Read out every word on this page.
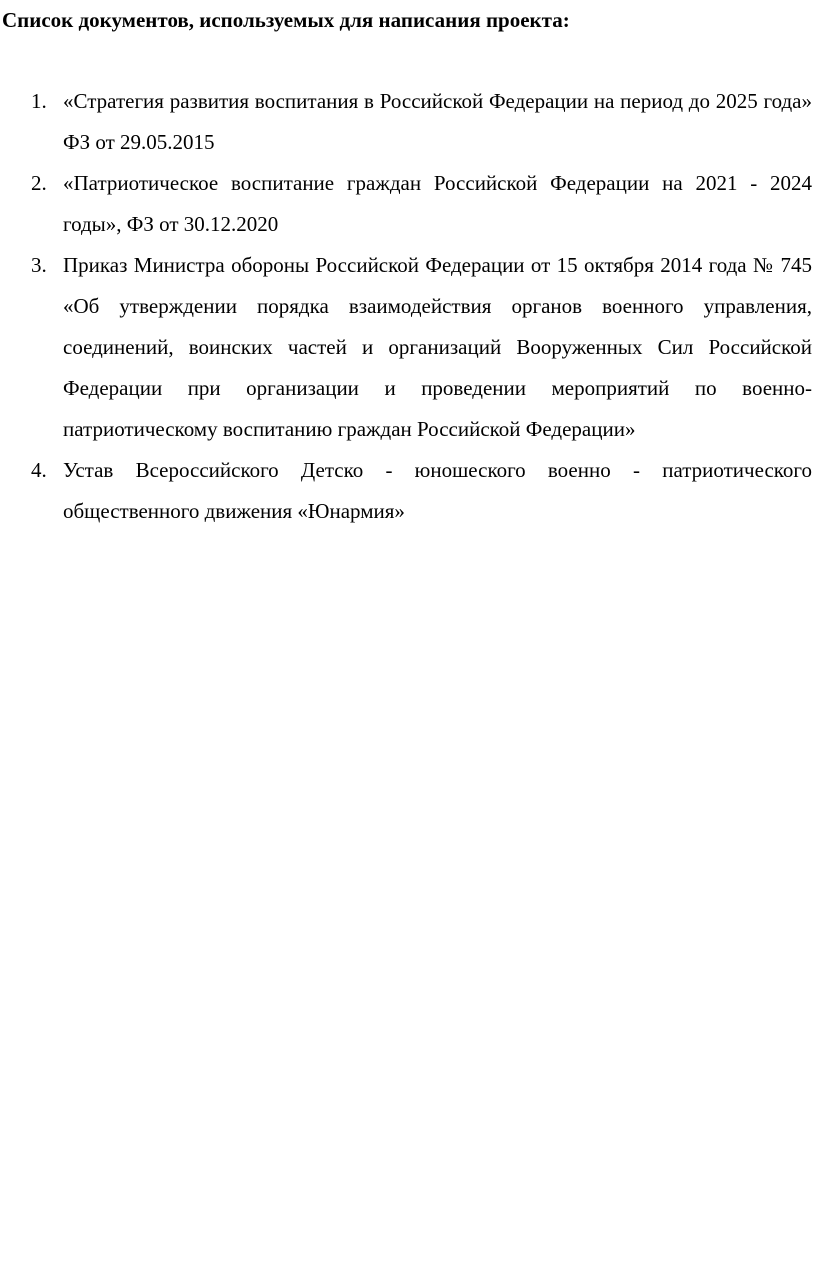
Список документов, используемых для написания проекта:
1. «Стратегия развития воспитания в Российской Федерации на период до 2025 года» ФЗ от 29.05.2015
2. «Патриотическое воспитание граждан Российской Федерации на 2021 - 2024 годы», ФЗ от 30.12.2020
3. Приказ Министра обороны Российской Федерации от 15 октября 2014 года № 745 «Об утверждении порядка взаимодействия органов военного управления, соединений, воинских частей и организаций Вооруженных Сил Российской Федерации при организации и проведении мероприятий по военно-патриотическому воспитанию граждан Российской Федерации»
4. Устав Всероссийского Детско - юношеского военно - патриотического общественного движения «Юнармия»
